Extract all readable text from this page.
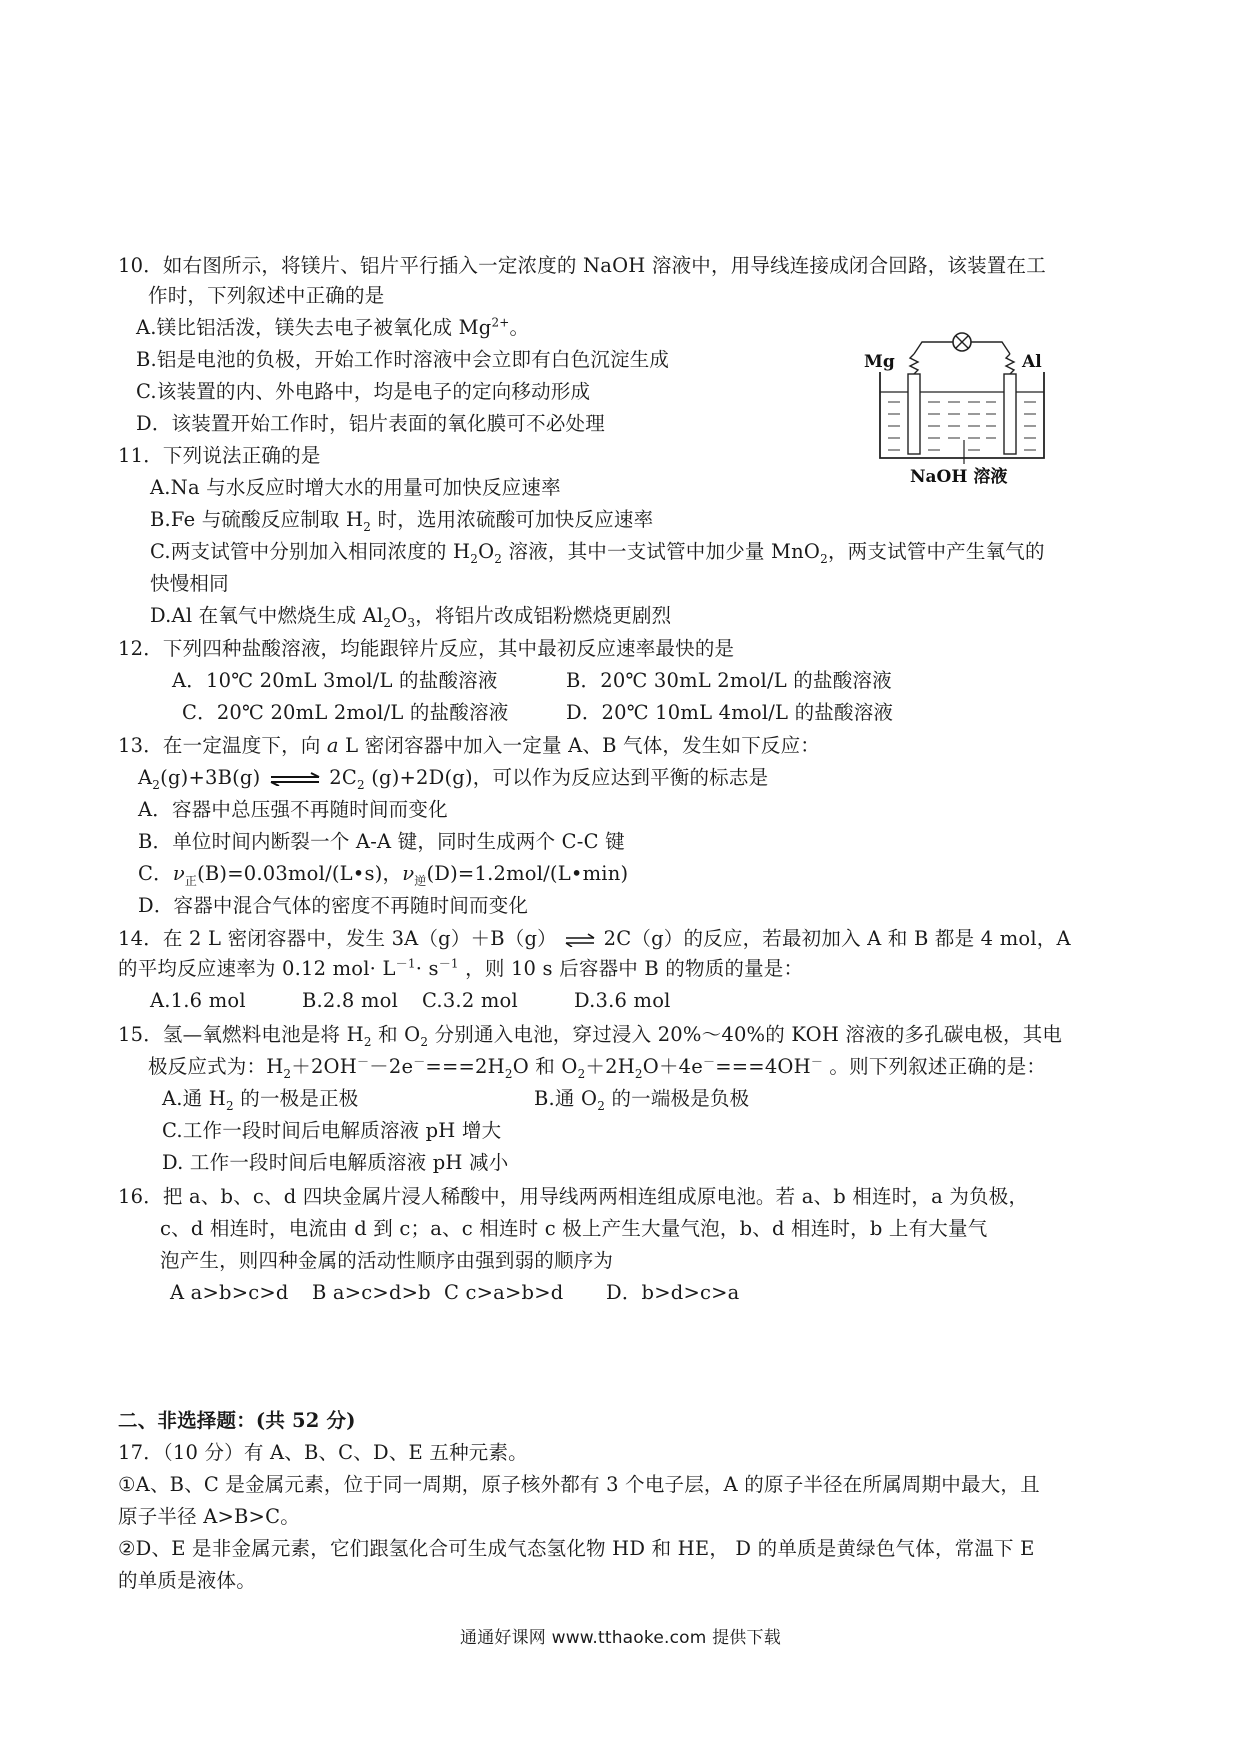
10．如右图所示，将镁片、铝片平行插入一定浓度的 NaOH 溶液中，用导线连接成闭合回路，该装置在工
作时，下列叙述中正确的是
A.镁比铝活泼，镁失去电子被氧化成 $Mg^{2+}$。
B.铝是电池的负极，开始工作时溶液中会立即有白色沉淀生成
C.该装置的内、外电路中，均是电子的定向移动形成
D．该装置开始工作时，铝片表面的氧化膜可不必处理
Mg	Al
NaOH 溶液
11．下列说法正确的是
A.Na 与水反应时增大水的用量可加快反应速率
B.Fe 与硫酸反应制取 $H_2$ 时，选用浓硫酸可加快反应速率
C.两支试管中分别加入相同浓度的 $H_2O_2$ 溶液，其中一支试管中加少量 MnO$_2$，两支试管中产生氧气的
快慢相同
D.Al 在氧气中燃烧生成 $Al_2O_3$，将铝片改成铝粉燃烧更剧烈
12．下列四种盐酸溶液，均能跟锌片反应，其中最初反应速率最快的是
A．10℃ 20mL 3mol/L 的盐酸溶液	B．20℃ 30mL 2mol/L 的盐酸溶液
C．20℃ 20mL 2mol/L 的盐酸溶液	D．20℃ 10mL 4mol/L 的盐酸溶液
13．在一定温度下，向 a L 密闭容器中加入一定量 A、B 气体，发生如下反应：
$A_2(g)+3B(g)$ ⇌ $2C_2$ (g)+2D(g)，可以作为反应达到平衡的标志是
A．容器中总压强不再随时间而变化
B．单位时间内断裂一个 A-A 键，同时生成两个 C-C 键
C．$\nu_正(B)=0.03mol/(L•s)$，$\nu_逆(D)=1.2mol/(L•\min)$
D．容器中混合气体的密度不再随时间而变化
14．在 2 L 密闭容器中，发生 3A（g）＋B（g） ⇌ 2C（g）的反应，若最初加入 A 和 B 都是 4 mol，A
的平均反应速率为 0.12 $mol\cdot L^{-1}\cdot s^{-1}$ ，则 10 s 后容器中 B 的物质的量是：
A.1.6 mol	B.2.8 mol C.3.2 mol	D.3.6 mol
15．氢—氧燃料电池是将 $H_2$ 和 $O_2$ 分别通入电池，穿过浸入 20%～40%的 KOH 溶液的多孔碳电极，其电
极反应式为：$H_2+2OH^--2e^-===2H_2O$ 和 $O_2+2H_2O+4e^-===4OH^-$ 。则下列叙述正确的是：
A.通 $H_2$ 的一极是正极	B.通 $O_2$ 的一端极是负极
C.工作一段时间后电解质溶液 pH 增大
D. 工作一段时间后电解质溶液 pH 减小
16．把 a、b、c、d 四块金属片浸人稀酸中，用导线两两相连组成原电池。若 a、b 相连时，a 为负极，
c、d 相连时，电流由 d 到 c；a、c 相连时 c 极上产生大量气泡，b、d 相连时，b 上有大量气
泡产生，则四种金属的活动性顺序由强到弱的顺序为
A a>b>c>d B a>c>d>b C c>a>b>d D．b>d>c>a
二、非选择题：(共 52 分)
17．（10 分）有 A、B、C、D、E 五种元素。
①A、B、C 是金属元素，位于同一周期，原子核外都有 3 个电子层，A 的原子半径在所属周期中最大，且
原子半径 A>B>C。
②D、E 是非金属元素，它们跟氢化合可生成气态氢化物 HD 和 HE， D 的单质是黄绿色气体，常温下 E
的单质是液体。
通通好课网 www.tthaoke.com 提供下载
